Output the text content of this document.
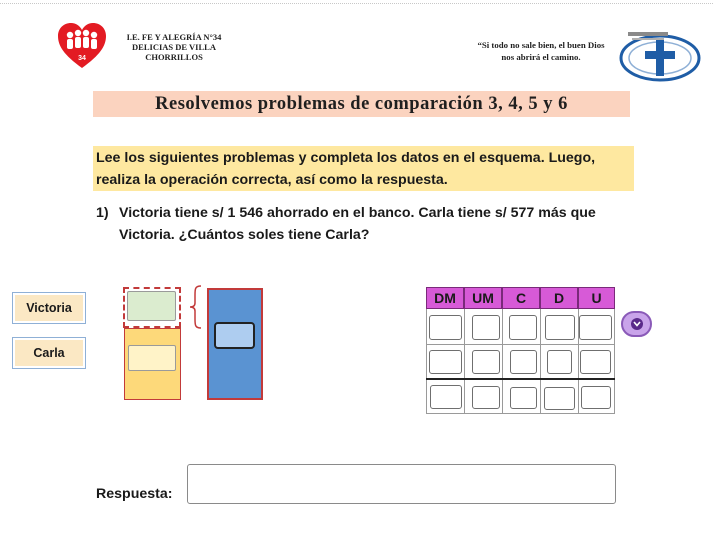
34
I.E. FE Y ALEGRÍA N°34
DELICIAS DE VILLA
CHORRILLOS
“Si todo no sale bien, el buen Dios
nos abrirá el camino.
Resolvemos problemas de comparación 3, 4, 5 y 6
Lee los siguientes problemas y completa los datos en el esquema. Luego, realiza la operación correcta, así como la respuesta.
1) Victoria tiene s/ 1 546 ahorrado en el banco. Carla tiene s/ 577 más que Victoria. ¿Cuántos soles tiene Carla?
Victoria
Carla
DM	UM	C	D	U
Respuesta:
